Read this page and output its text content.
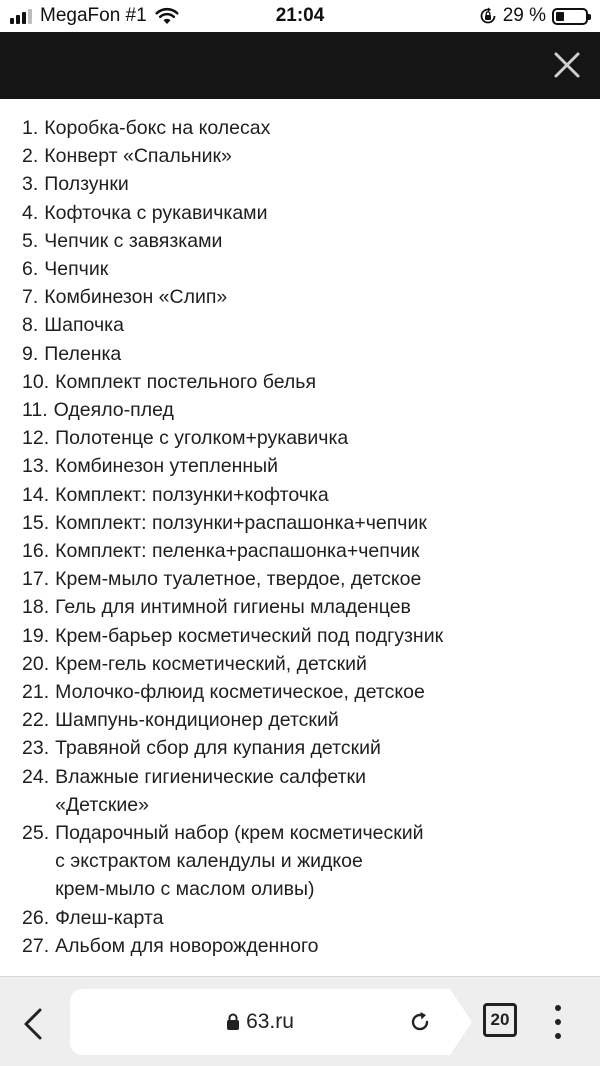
MegaFon #1	21:04	29 %
1. Коробка-бокс на колесах
2. Конверт «Спальник»
3. Ползунки
4. Кофточка с рукавичками
5. Чепчик с завязками
6. Чепчик
7. Комбинезон «Слип»
8. Шапочка
9. Пеленка
10. Комплект постельного белья
11. Одеяло-плед
12. Полотенце с уголком+рукавичка
13. Комбинезон утепленный
14. Комплект: ползунки+кофточка
15. Комплект: ползунки+распашонка+чепчик
16. Комплект: пеленка+распашонка+чепчик
17. Крем-мыло туалетное, твердое, детское
18. Гель для интимной гигиены младенцев
19. Крем-барьер косметический под подгузник
20. Крем-гель косметический, детский
21. Молочко-флюид косметическое, детское
22. Шампунь-кондиционер детский
23. Травяной сбор для купания детский
24. Влажные гигиенические салфетки
«Детские»
25. Подарочный набор (крем косметический
с экстрактом календулы и жидкое
крем-мыло с маслом оливы)
26. Флеш-карта
27. Альбом для новорожденного
63.ru	20
